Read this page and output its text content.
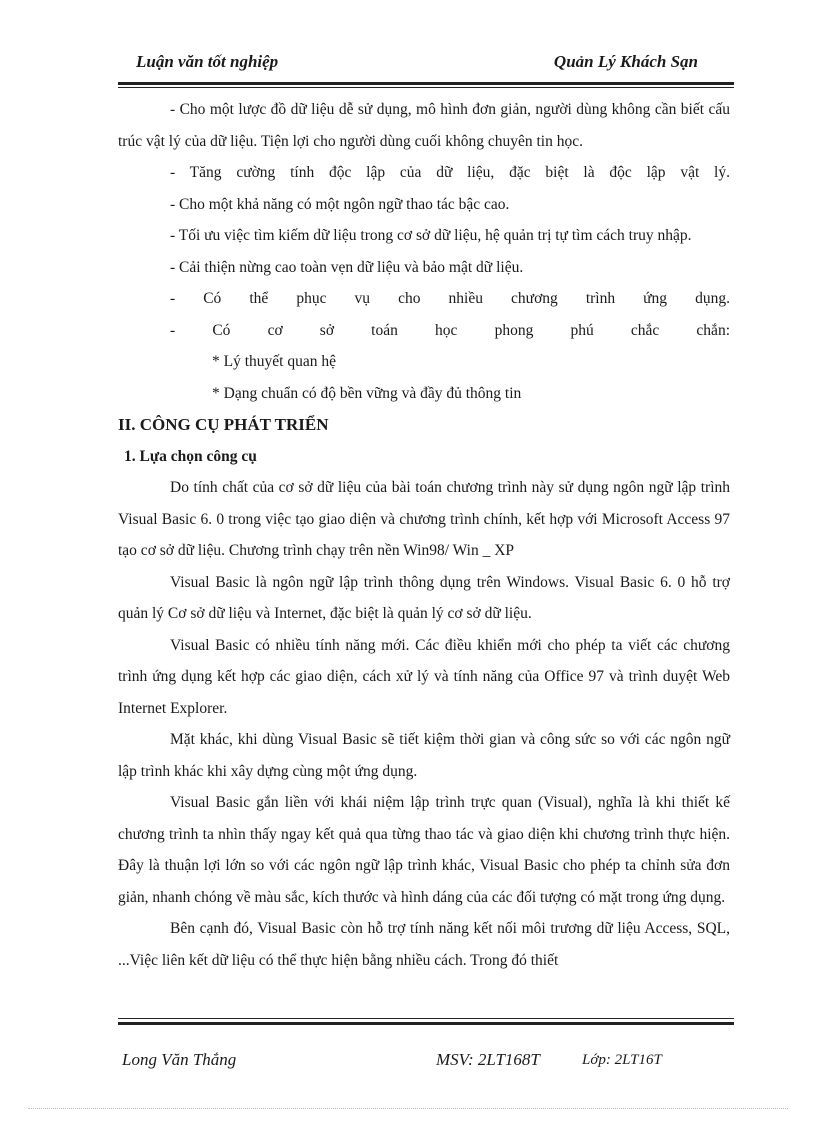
Luận văn tốt nghiệp	Quản Lý Khách Sạn

- Cho một lược đồ dữ liệu dễ sử dụng, mô hình đơn giản, người dùng không cần biết cấu trúc vật lý của dữ liệu. Tiện lợi cho người dùng cuối không chuyên tin học.

- Tăng cường tính độc lập của dữ liệu, đặc biệt là độc lập vật lý.

- Cho một khả năng có một ngôn ngữ thao tác bậc cao.

- Tối ưu việc tìm kiếm dữ liệu trong cơ sở dữ liệu, hệ quản trị tự tìm cách truy nhập.

- Cải thiện nừng cao toàn vẹn dữ liệu và bảo mật dữ liệu.

- Có thể phục vụ cho nhiều chương trình ứng dụng.

- Có cơ sở toán học phong phú chắc chắn:

* Lý thuyết quan hệ

* Dạng chuẩn có độ bền vững và đầy đủ thông tin

II. CÔNG CỤ PHÁT TRIỂN

1. Lựa chọn công cụ

Do tính chất của cơ sở dữ liệu của bài toán chương trình này sử dụng ngôn ngữ lập trình Visual Basic 6. 0 trong việc tạo giao diện và chương trình chính, kết hợp với Microsoft Access 97 tạo cơ sở dữ liệu. Chương trình chạy trên nền Win98/ Win _ XP

Visual Basic là ngôn ngữ lập trình thông dụng trên Windows. Visual Basic 6. 0 hỗ trợ quản lý Cơ sở dữ liệu và Internet, đặc biệt là quản lý cơ sở dữ liệu.

Visual Basic có nhiều tính năng mới. Các điều khiển mới cho phép ta viết các chương trình ứng dụng kết hợp các giao diện, cách xử lý và tính năng của Office 97 và trình duyệt Web Internet Explorer.

Mặt khác, khi dùng Visual Basic sẽ tiết kiệm thời gian và công sức so với các ngôn ngữ lập trình khác khi xây dựng cùng một ứng dụng.

Visual Basic gắn liền với khái niệm lập trình trực quan (Visual), nghĩa là khi thiết kế chương trình ta nhìn thấy ngay kết quả qua từng thao tác và giao diện khi chương trình thực hiện. Đây là thuận lợi lớn so với các ngôn ngữ lập trình khác, Visual Basic cho phép ta chỉnh sửa đơn giản, nhanh chóng về màu sắc, kích thước và hình dáng của các đối tượng có mặt trong ứng dụng.

Bên cạnh đó, Visual Basic còn hỗ trợ tính năng kết nối môi trương dữ liệu Access, SQL, ...Việc liên kết dữ liệu có thể thực hiện bằng nhiều cách. Trong đó thiết

Long Văn Thắng	MSV: 2LT168T	Lớp: 2LT16T
